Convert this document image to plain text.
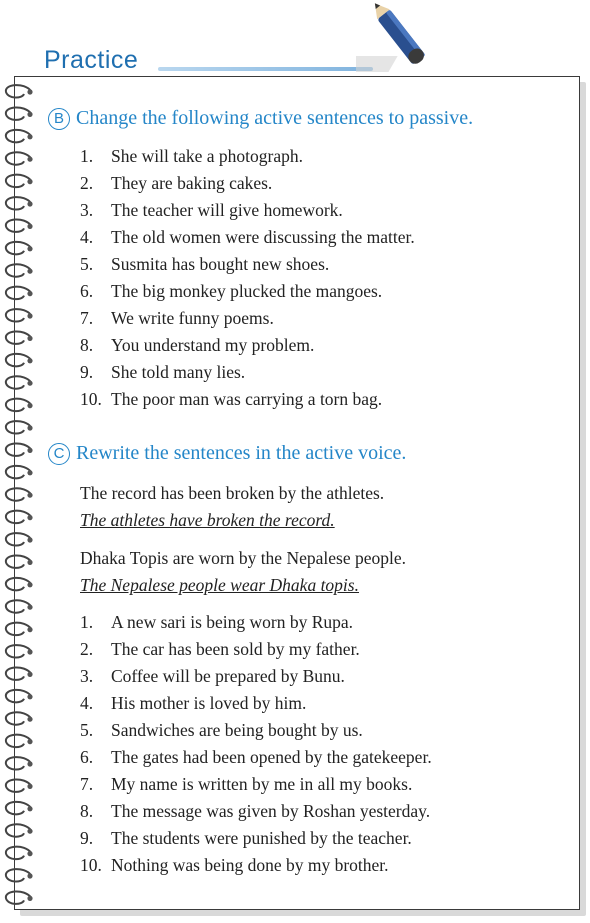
Practice
B Change the following active sentences to passive.
1.	She will take a photograph.
2.	They are baking cakes.
3.	The teacher will give homework.
4.	The old women were discussing the matter.
5.	Susmita has bought new shoes.
6.	The big monkey plucked the mangoes.
7.	We write funny poems.
8.	You understand my problem.
9.	She told many lies.
10. The poor man was carrying a torn bag.
C Rewrite the sentences in the active voice.
The record has been broken by the athletes.
The athletes have broken the record.
Dhaka Topis are worn by the Nepalese people.
The Nepalese people wear Dhaka topis.
1.	A new sari is being worn by Rupa.
2.	The car has been sold by my father.
3.	Coffee will be prepared by Bunu.
4.	His mother is loved by him.
5.	Sandwiches are being bought by us.
6.	The gates had been opened by the gatekeeper.
7.	My name is written by me in all my books.
8.	The message was given by Roshan yesterday.
9.	The students were punished by the teacher.
10. Nothing was being done by my brother.
